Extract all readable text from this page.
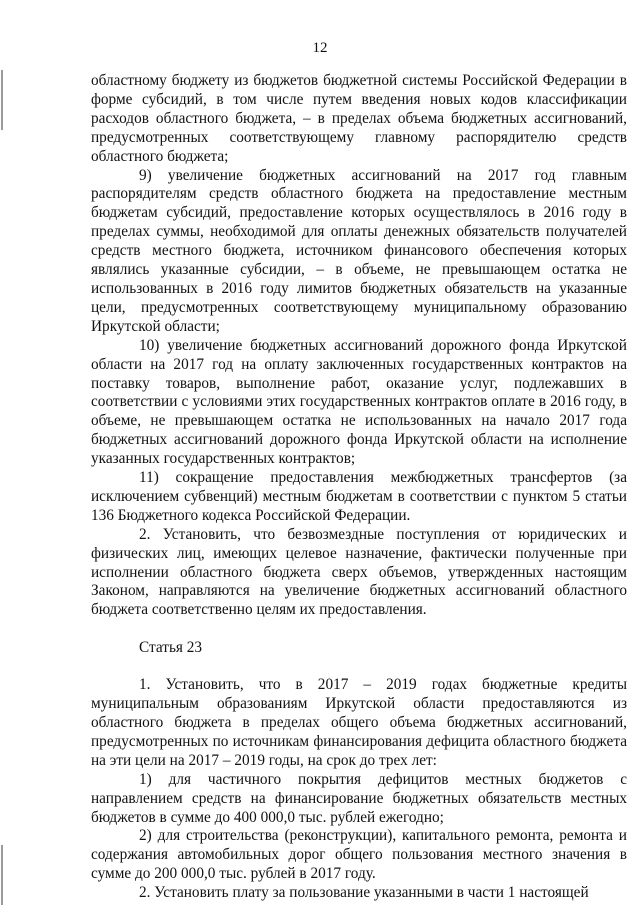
12

областному бюджету из бюджетов бюджетной системы Российской Федерации в форме субсидий, в том числе путем введения новых кодов классификации расходов областного бюджета, – в пределах объема бюджетных ассигнований, предусмотренных соответствующему главному распорядителю средств областного бюджета;

9) увеличение бюджетных ассигнований на 2017 год главным распорядителям средств областного бюджета на предоставление местным бюджетам субсидий, предоставление которых осуществлялось в 2016 году в пределах суммы, необходимой для оплаты денежных обязательств получателей средств местного бюджета, источником финансового обеспечения которых являлись указанные субсидии, – в объеме, не превышающем остатка не использованных в 2016 году лимитов бюджетных обязательств на указанные цели, предусмотренных соответствующему муниципальному образованию Иркутской области;

10) увеличение бюджетных ассигнований дорожного фонда Иркутской области на 2017 год на оплату заключенных государственных контрактов на поставку товаров, выполнение работ, оказание услуг, подлежавших в соответствии с условиями этих государственных контрактов оплате в 2016 году, в объеме, не превышающем остатка не использованных на начало 2017 года бюджетных ассигнований дорожного фонда Иркутской области на исполнение указанных государственных контрактов;

11) сокращение предоставления межбюджетных трансфертов (за исключением субвенций) местным бюджетам в соответствии с пунктом 5 статьи 136 Бюджетного кодекса Российской Федерации.

2. Установить, что безвозмездные поступления от юридических и физических лиц, имеющих целевое назначение, фактически полученные при исполнении областного бюджета сверх объемов, утвержденных настоящим Законом, направляются на увеличение бюджетных ассигнований областного бюджета соответственно целям их предоставления.

Статья 23

1. Установить, что в 2017 – 2019 годах бюджетные кредиты муниципальным образованиям Иркутской области предоставляются из областного бюджета в пределах общего объема бюджетных ассигнований, предусмотренных по источникам финансирования дефицита областного бюджета на эти цели на 2017 – 2019 годы, на срок до трех лет:

1) для частичного покрытия дефицитов местных бюджетов с направлением средств на финансирование бюджетных обязательств местных бюджетов в сумме до 400 000,0 тыс. рублей ежегодно;

2) для строительства (реконструкции), капитального ремонта, ремонта и содержания автомобильных дорог общего пользования местного значения в сумме до 200 000,0 тыс. рублей в 2017 году.

2. Установить плату за пользование указанными в части 1 настоящей
